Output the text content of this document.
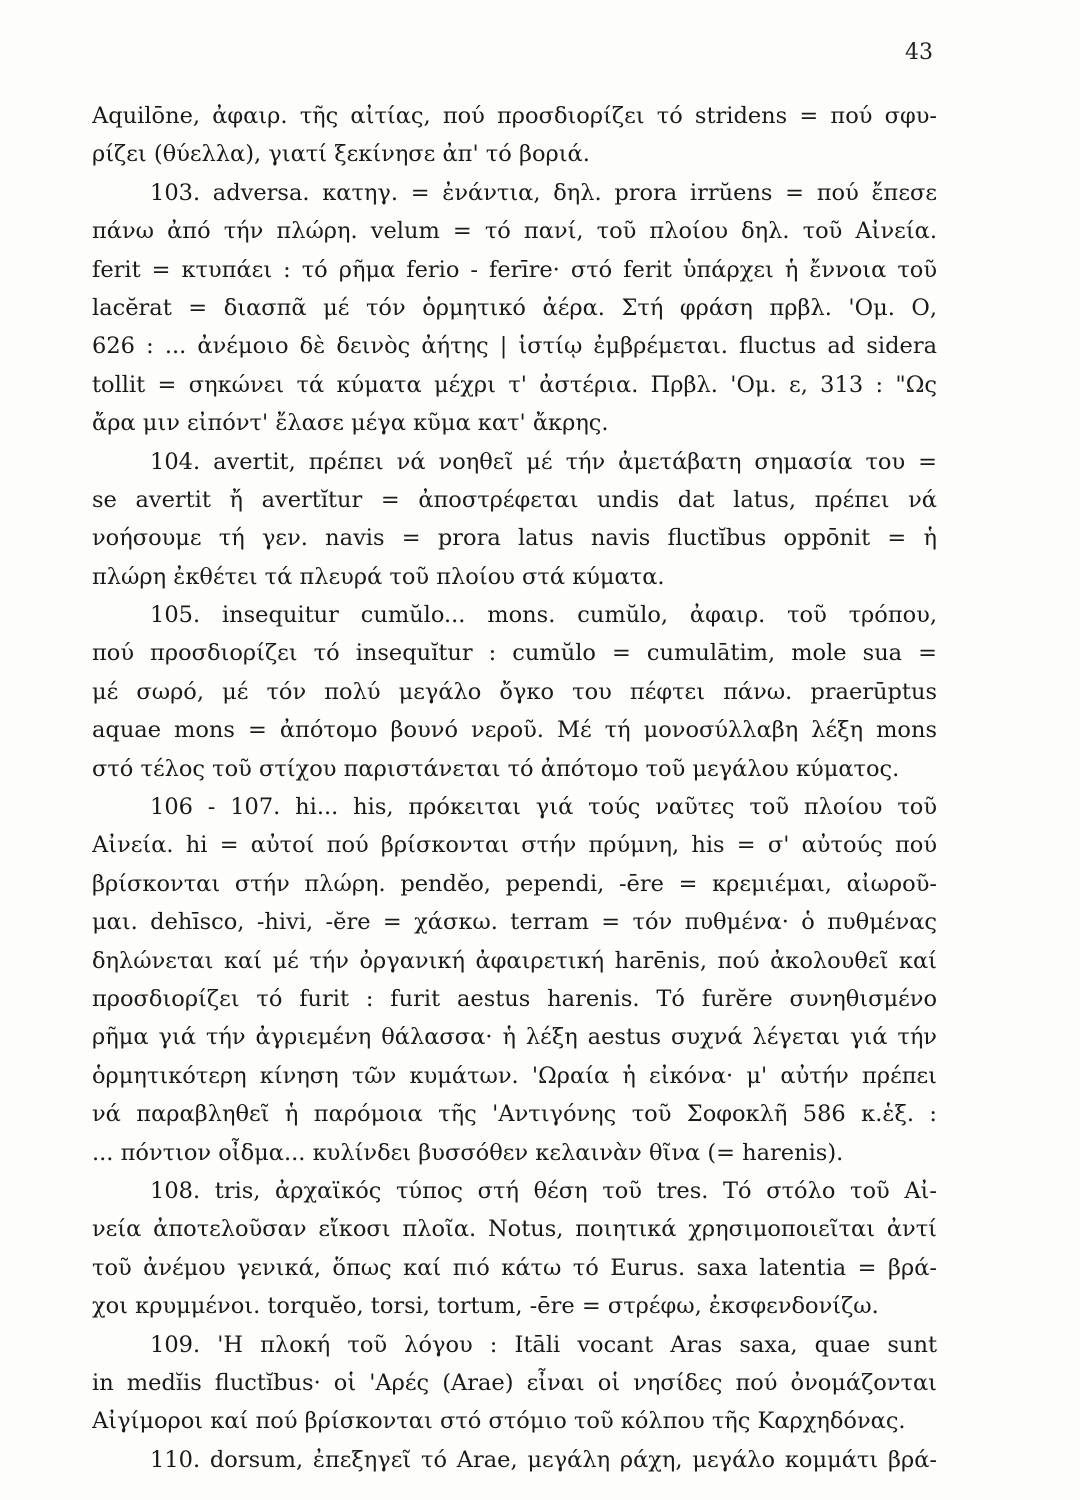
43
Aquilōne, ἀφαιρ. τῆς αἰτίας, πού προσδιορίζει τό stridens = πού σφυ-
ρίζει (θύελλα), γιατί ξεκίνησε ἀπ' τό βοριά.
103. adversa. κατηγ. = ἐνάντια, δηλ. prora irrŭens = πού ἔπεσε
πάνω ἀπό τήν πλώρη. velum = τό πανί, τοῦ πλοίου δηλ. τοῦ Αἰνεία.
ferit = κτυπάει : τό ρῆμα ferio - ferīre· στό ferit ὑπάρχει ἡ ἔννοια τοῦ
lacĕrat = διασπᾶ μέ τόν ὁρμητικό ἀέρα. Στή φράση πρβλ. 'Ομ. Ο,
626 : ... ἀνέμοιο δὲ δεινὸς ἀήτης | ἱστίῳ ἐμβρέμεται. fluctus ad sidera
tollit = σηκώνει τά κύματα μέχρι τ' ἀστέρια. Πρβλ. 'Ομ. ε, 313 : "Ως
ἄρα μιν εἰπόντ' ἔλασε μέγα κῦμα κατ' ἄκρης.
104. avertit, πρέπει νά νοηθεῖ μέ τήν ἀμετάβατη σημασία του =
se avertit ἤ avertĭtur = ἀποστρέφεται undis dat latus, πρέπει νά
νοήσουμε τή γεν. navis = prora latus navis fluctĭbus oppōnit = ἡ
πλώρη ἐκθέτει τά πλευρά τοῦ πλοίου στά κύματα.
105. insequitur cumŭlo... mons. cumŭlo, ἀφαιρ. τοῦ τρόπου,
πού προσδιορίζει τό insequĭtur : cumŭlo = cumulātim, mole sua =
μέ σωρό, μέ τόν πολύ μεγάλο ὄγκο του πέφτει πάνω. praerūptus
aquae mons = ἀπότομο βουνό νεροῦ. Μέ τή μονοσύλλαβη λέξη mons
στό τέλος τοῦ στίχου παριστάνεται τό ἀπότομο τοῦ μεγάλου κύματος.
106 - 107. hi... his, πρόκειται γιά τούς ναῦτες τοῦ πλοίου τοῦ
Αἰνεία. hi = αὐτοί πού βρίσκονται στήν πρύμνη, his = σ' αὐτούς πού
βρίσκονται στήν πλώρη. pendĕo, pependi, -ēre = κρεμιέμαι, αἰωροῦ-
μαι. dehīsco, -hivi, -ĕre = χάσκω. terram = τόν πυθμένα· ὁ πυθμένας
δηλώνεται καί μέ τήν ὀργανική ἀφαιρετική harēnis, πού ἀκολουθεῖ καί
προσδιορίζει τό furit : furit aestus harenis. Τό furĕre συνηθισμένο
ρῆμα γιά τήν ἀγριεμένη θάλασσα· ἡ λέξη aestus συχνά λέγεται γιά τήν
ὁρμητικότερη κίνηση τῶν κυμάτων. 'Ωραία ἡ εἰκόνα· μ' αὐτήν πρέπει
νά παραβληθεῖ ἡ παρόμοια τῆς 'Αντιγόνης τοῦ Σοφοκλῆ 586 κ.ἑξ. :
... πόντιον οἶδμα... κυλίνδει βυσσόθεν κελαινὰν θῖνα (= harenis).
108. tris, ἀρχαϊκός τύπος στή θέση τοῦ tres. Τό στόλο τοῦ Αἰ-
νεία ἀποτελοῦσαν εἴκοσι πλοῖα. Notus, ποιητικά χρησιμοποιεῖται ἀντί
τοῦ ἀνέμου γενικά, ὅπως καί πιό κάτω τό Eurus. saxa latentia = βρά-
χοι κρυμμένοι. torquĕo, torsi, tortum, -ēre = στρέφω, ἐκσφενδονίζω.
109. 'Η πλοκή τοῦ λόγου : Itāli vocant Aras saxa, quae sunt
in medĭis fluctĭbus· οἱ 'Αρές (Arae) εἶναι οἱ νησίδες πού ὀνομάζονται
Αἰγίμοροι καί πού βρίσκονται στό στόμιο τοῦ κόλπου τῆς Καρχηδόνας.
110. dorsum, ἐπεξηγεῖ τό Arae, μεγάλη ράχη, μεγάλο κομμάτι βρά-
